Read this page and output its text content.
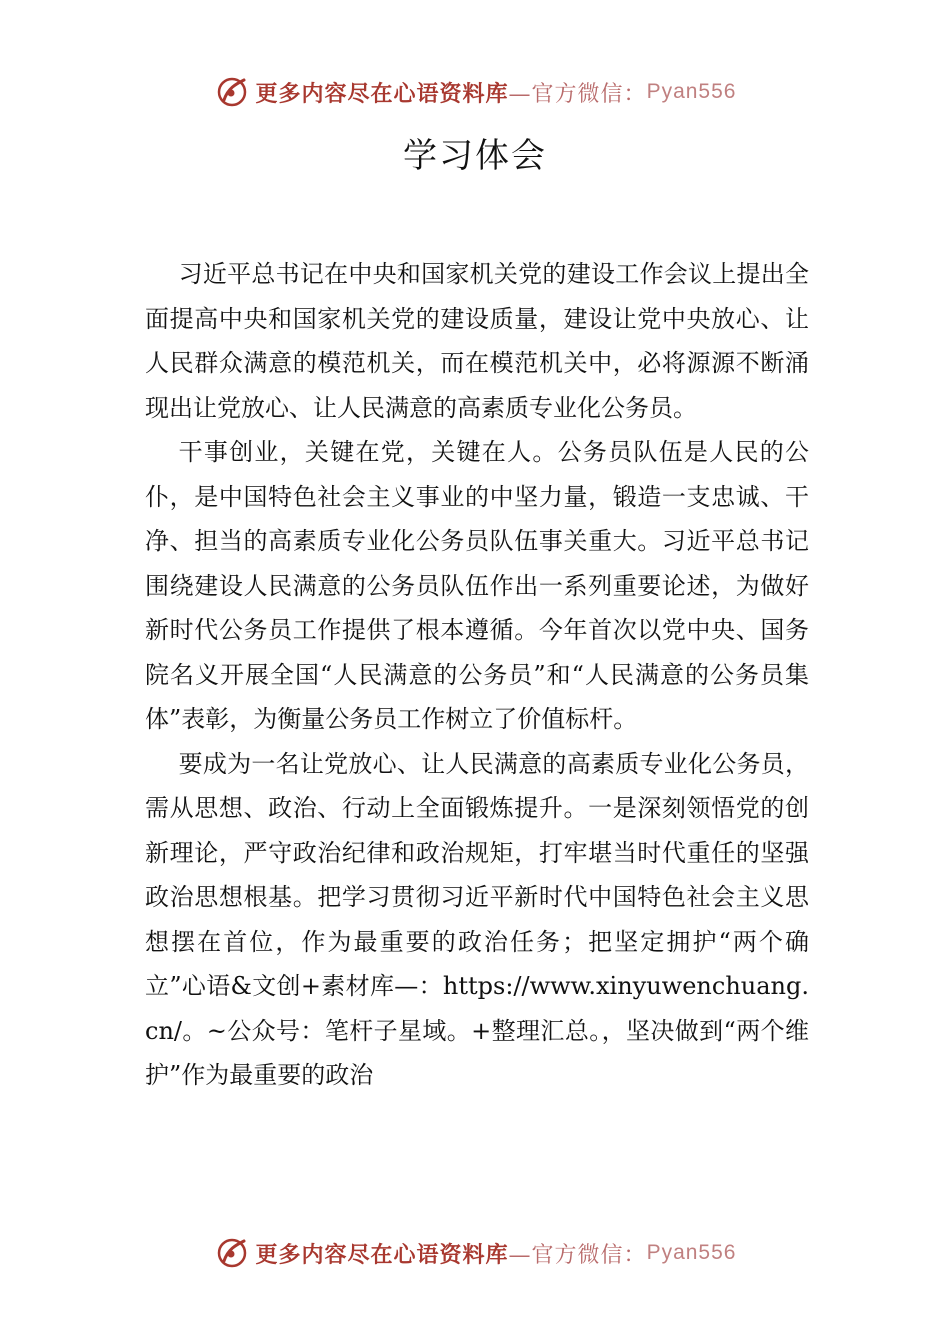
更多内容尽在心语资料库 —官方微信： Pyan556
学习体会

习近平总书记在中央和国家机关党的建设工作会议上提出全面提高中央和国家机关党的建设质量，建设让党中央放心、让人民群众满意的模范机关，而在模范机关中，必将源源不断涌现出让党放心、让人民满意的高素质专业化公务员。

干事创业，关键在党，关键在人。公务员队伍是人民的公仆，是中国特色社会主义事业的中坚力量，锻造一支忠诚、干净、担当的高素质专业化公务员队伍事关重大。习近平总书记围绕建设人民满意的公务员队伍作出一系列重要论述，为做好新时代公务员工作提供了根本遵循。今年首次以党中央、国务院名义开展全国“人民满意的公务员”和“人民满意的公务员集体”表彰，为衡量公务员工作树立了价值标杆。

要成为一名让党放心、让人民满意的高素质专业化公务员，需从思想、政治、行动上全面锻炼提升。一是深刻领悟党的创新理论，严守政治纪律和政治规矩，打牢堪当时代重任的坚强政治思想根基。把学习贯彻习近平新时代中国特色社会主义思想摆在首位，作为最重要的政治任务；把坚定拥护“两个确立”心语&文创+素材库—：https://www.xinyuwenchuang.cn/。~公众号：笔杆子星域。+整理汇总。，坚决做到“两个维护”作为最重要的政治

更多内容尽在心语资料库 —官方微信： Pyan556
